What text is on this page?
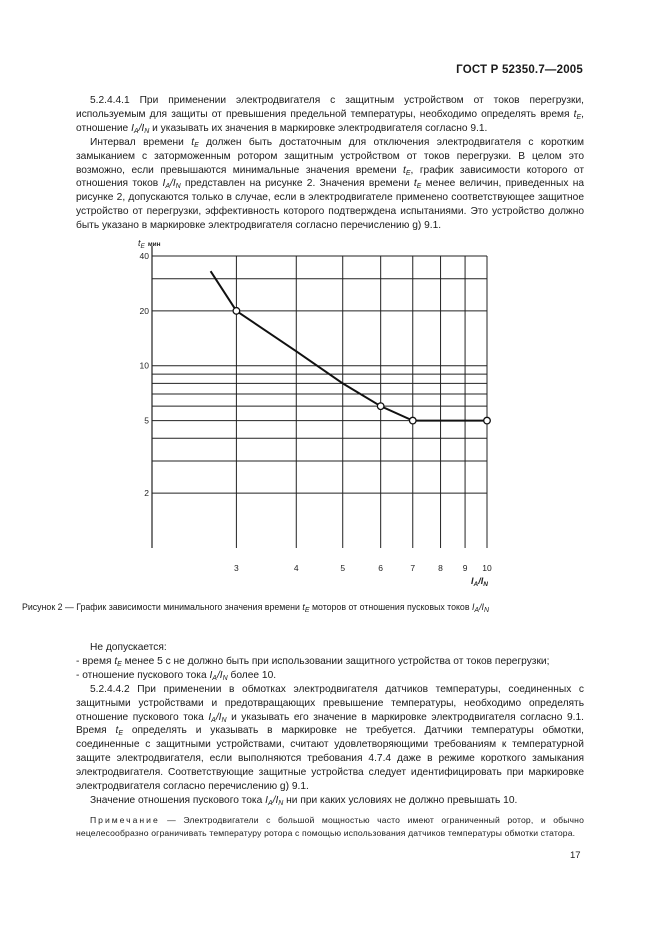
ГОСТ Р 52350.7—2005

5.2.4.4.1 При применении электродвигателя с защитным устройством от токов перегрузки, используемым для защиты от превышения предельной температуры, необходимо определять время $t_E$, отношение $I_A/I_N$ и указывать их значения в маркировке электродвигателя согласно 9.1.

Интервал времени $t_E$ должен быть достаточным для отключения электродвигателя с коротким замыканием с заторможенным ротором защитным устройством от токов перегрузки. В целом это возможно, если превышаются минимальные значения времени $t_E$, график зависимости которого от отношения токов $I_A/I_N$ представлен на рисунке 2. Значения времени $t_E$ менее величин, приведенных на рисунке 2, допускаются только в случае, если в электродвигателе применено соответствующее защитное устройство от перегрузки, эффективность которого подтверждена испытаниями. Это устройство должно быть указано в маркировке электродвигателя согласно перечислению g) 9.1.

2
5
10
20
40
3	4	5	6	7	8 9 10
$t_E$ $^{мин}$
$I_A/I_N$
Рисунок 2 — График зависимости минимального значения времени $t_E$ моторов от отношения пусковых токов $I_A/I_N$

Не допускается:

- время $t_E$ менее 5 с не должно быть при использовании защитного устройства от токов перегрузки;

- отношение пускового тока $I_A/I_N$ более 10.

5.2.4.4.2 При применении в обмотках электродвигателя датчиков температуры, соединенных с защитными устройствами и предотвращающих превышение температуры, необходимо определять отношение пускового тока $I_A/I_N$ и указывать его значение в маркировке электродвигателя согласно 9.1. Время $t_E$ определять и указывать в маркировке не требуется. Датчики температуры обмотки, соединенные с защитными устройствами, считают удовлетворяющими требованиям к температурной защите электродвигателя, если выполняются требования 4.7.4 даже в режиме короткого замыкания электродвигателя. Соответствующие защитные устройства следует идентифицировать при маркировке электродвигателя согласно перечислению g) 9.1.

Значение отношения пускового тока $I_A/I_N$ ни при каких условиях не должно превышать 10.

Примечание — Электродвигатели с большой мощностью часто имеют ограниченный ротор, и обычно нецелесообразно ограничивать температуру ротора с помощью использования датчиков температуры обмотки статора.

17
